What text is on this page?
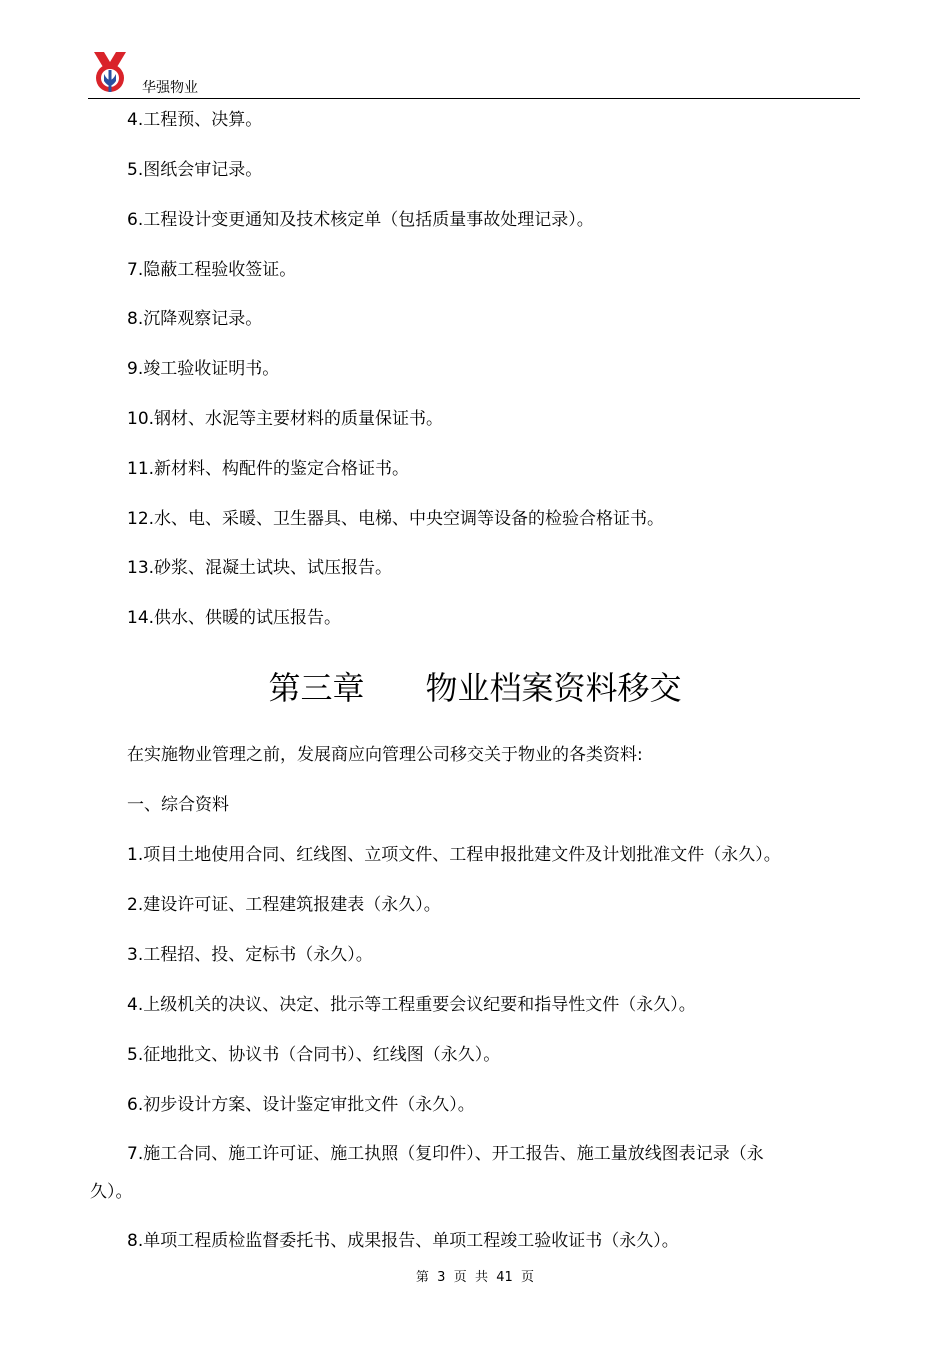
华强物业
4.工程预、决算。
5.图纸会审记录。
6.工程设计变更通知及技术核定单（包括质量事故处理记录）。
7.隐蔽工程验收签证。
8.沉降观察记录。
9.竣工验收证明书。
10.钢材、水泥等主要材料的质量保证书。
11.新材料、构配件的鉴定合格证书。
12.水、电、采暖、卫生器具、电梯、中央空调等设备的检验合格证书。
13.砂浆、混凝土试块、试压报告。
14.供水、供暖的试压报告。
第三章      物业档案资料移交
在实施物业管理之前，发展商应向管理公司移交关于物业的各类资料:
一、综合资料
1.项目土地使用合同、红线图、立项文件、工程申报批建文件及计划批准文件（永久）。
2.建设许可证、工程建筑报建表（永久）。
3.工程招、投、定标书（永久）。
4.上级机关的决议、决定、批示等工程重要会议纪要和指导性文件（永久）。
5.征地批文、协议书（合同书）、红线图（永久）。
6.初步设计方案、设计鉴定审批文件（永久）。
7.施工合同、施工许可证、施工执照（复印件）、开工报告、施工量放线图表记录（永
久）。
8.单项工程质检监督委托书、成果报告、单项工程竣工验收证书（永久）。
第  3  页  共  41  页
